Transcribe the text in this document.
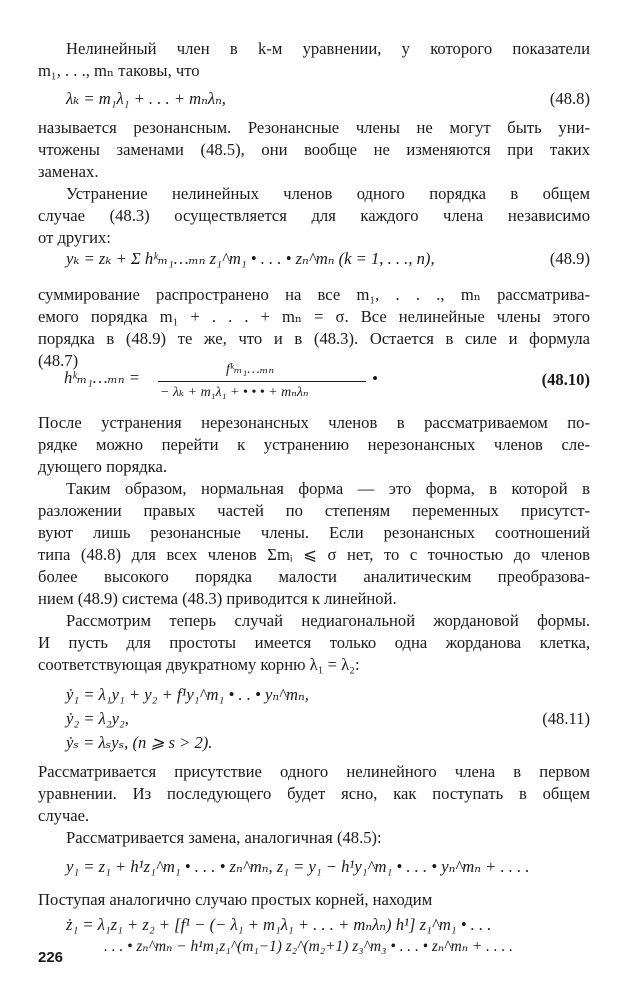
Нелинейный член в k-м уравнении, у которого показатели

m₁, . . ., mₙ таковы, что

λₖ = m₁λ₁ + . . . + mₙλₙ,	(48.8)

называется резонансным. Резонансные члены не могут быть уни-

чтожены заменами (48.5), они вообще не изменяются при таких

заменах.

Устранение нелинейных членов одного порядка в общем

случае (48.3) осуществляется для каждого члена независимо

от других:

yₖ = zₖ + Σ hᵏₘ₁…ₘₙ z₁^m₁ • . . . • zₙ^mₙ (k = 1, . . ., n),	(48.9)

суммирование распространено на все m₁, . . ., mₙ рассматрива-

емого порядка m₁ + . . . + mₙ = σ. Все нелинейные члены этого

порядка в (48.9) те же, что и в (48.3). Остается в силе и формула

(48.7)

hᵏₘ₁…ₘₙ =	fᵏₘ₁…ₘₙ

− λₖ + m₁λ₁ + • • • + mₙλₙ

•	(48.10)

После устранения нерезонансных членов в рассматриваемом по-

рядке можно перейти к устранению нерезонансных членов сле-

дующего порядка.

Таким образом, нормальная форма — это форма, в которой в

разложении правых частей по степеням переменных присутст-

вуют лишь резонансные члены. Если резонансных соотношений

типа (48.8) для всех членов Σmᵢ ⩽ σ нет, то с точностью до членов

более высокого порядка малости аналитическим преобразова-

нием (48.9) система (48.3) приводится к линейной.

Рассмотрим теперь случай недиагональной жордановой формы.

И пусть для простоты имеется только одна жорданова клетка,

соответствующая двукратному корню λ₁ = λ₂:

ẏ₁ = λ₁y₁ + y₂ + f¹y₁^m₁ • . . • yₙ^mₙ,

ẏ₂ = λ₂y₂,	(48.11)

ẏₛ = λₛyₛ, (n ⩾ s > 2).

Рассматривается присутствие одного нелинейного члена в первом

уравнении. Из последующего будет ясно, как поступать в общем

случае.

Рассматривается замена, аналогичная (48.5):

y₁ = z₁ + h¹z₁^m₁ • . . . • zₙ^mₙ, z₁ = y₁ − h¹y₁^m₁ • . . . • yₙ^mₙ + . . . .

Поступая аналогично случаю простых корней, находим

ż₁ = λ₁z₁ + z₂ + [f¹ − (− λ₁ + m₁λ₁ + . . . + mₙλₙ) h¹] z₁^m₁ • . . .

. . . • zₙ^mₙ − h¹m₁z₁^(m₁−1) z₂^(m₂+1) z₃^m₃ • . . . • zₙ^mₙ + . . . .

226
